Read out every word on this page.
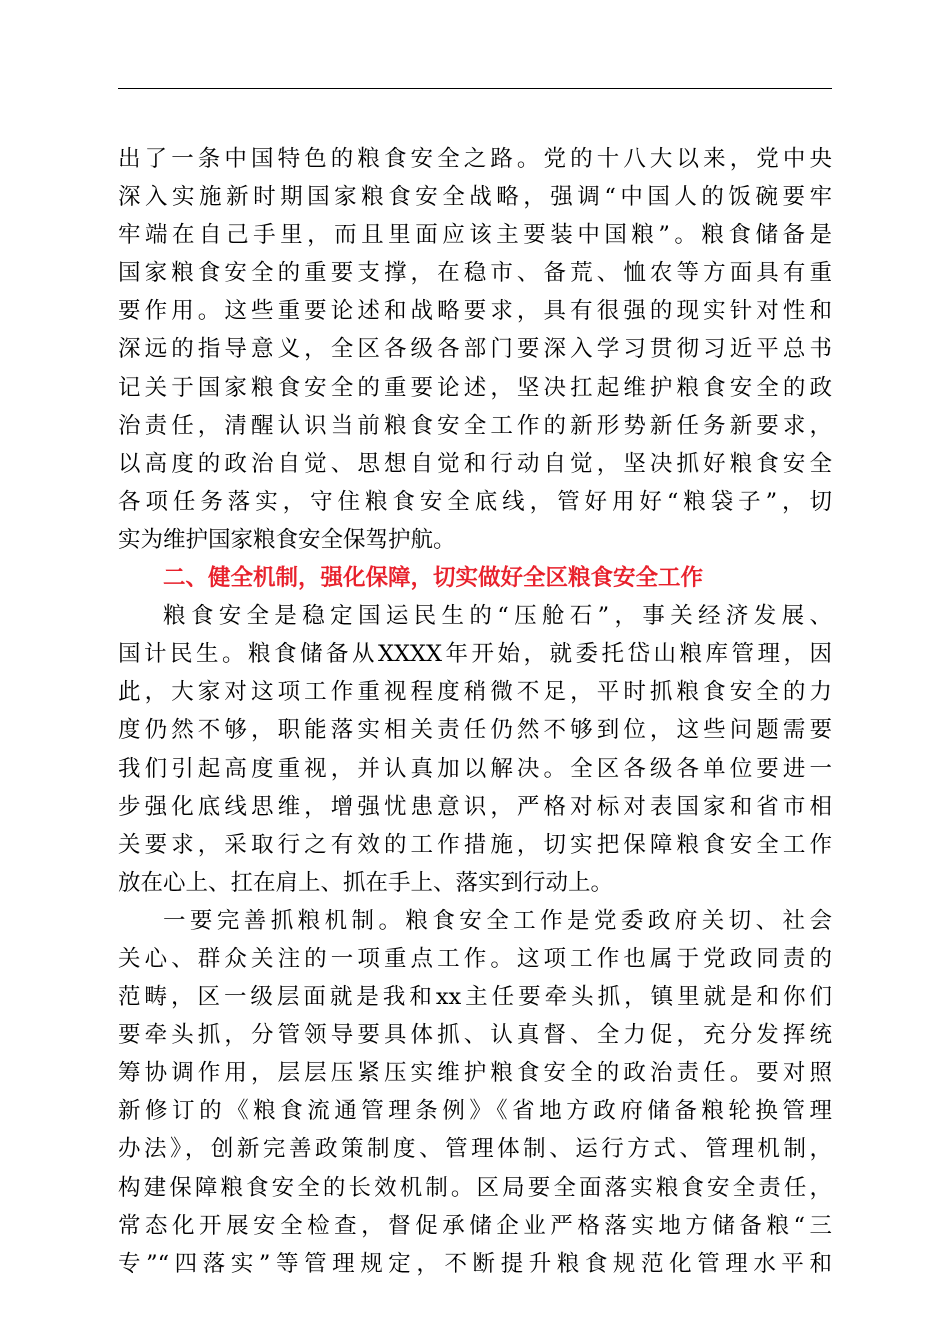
出了一条中国特色的粮食安全之路。党的十八大以来，党中央
深入实施新时期国家粮食安全战略，强调“中国人的饭碗要牢
牢端在自己手里，而且里面应该主要装中国粮”。粮食储备是
国家粮食安全的重要支撑，在稳市、备荒、恤农等方面具有重
要作用。这些重要论述和战略要求，具有很强的现实针对性和
深远的指导意义，全区各级各部门要深入学习贯彻习近平总书
记关于国家粮食安全的重要论述，坚决扛起维护粮食安全的政
治责任，清醒认识当前粮食安全工作的新形势新任务新要求，
以高度的政治自觉、思想自觉和行动自觉，坚决抓好粮食安全
各项任务落实，守住粮食安全底线，管好用好“粮袋子”，切
实为维护国家粮食安全保驾护航。
二、健全机制，强化保障，切实做好全区粮食安全工作
粮食安全是稳定国运民生的“压舱石”，事关经济发展、
国计民生。粮食储备从XXXX年开始，就委托岱山粮库管理，因
此，大家对这项工作重视程度稍微不足，平时抓粮食安全的力
度仍然不够，职能落实相关责任仍然不够到位，这些问题需要
我们引起高度重视，并认真加以解决。全区各级各单位要进一
步强化底线思维，增强忧患意识，严格对标对表国家和省市相
关要求，采取行之有效的工作措施，切实把保障粮食安全工作
放在心上、扛在肩上、抓在手上、落实到行动上。
一要完善抓粮机制。粮食安全工作是党委政府关切、社会
关心、群众关注的一项重点工作。这项工作也属于党政同责的
范畴，区一级层面就是我和xx主任要牵头抓，镇里就是和你们
要牵头抓，分管领导要具体抓、认真督、全力促，充分发挥统
筹协调作用，层层压紧压实维护粮食安全的政治责任。要对照
新修订的《粮食流通管理条例》《省地方政府储备粮轮换管理
办法》，创新完善政策制度、管理体制、运行方式、管理机制，
构建保障粮食安全的长效机制。区局要全面落实粮食安全责任，
常态化开展安全检查，督促承储企业严格落实地方储备粮“三
专”“四落实”等管理规定，不断提升粮食规范化管理水平和
